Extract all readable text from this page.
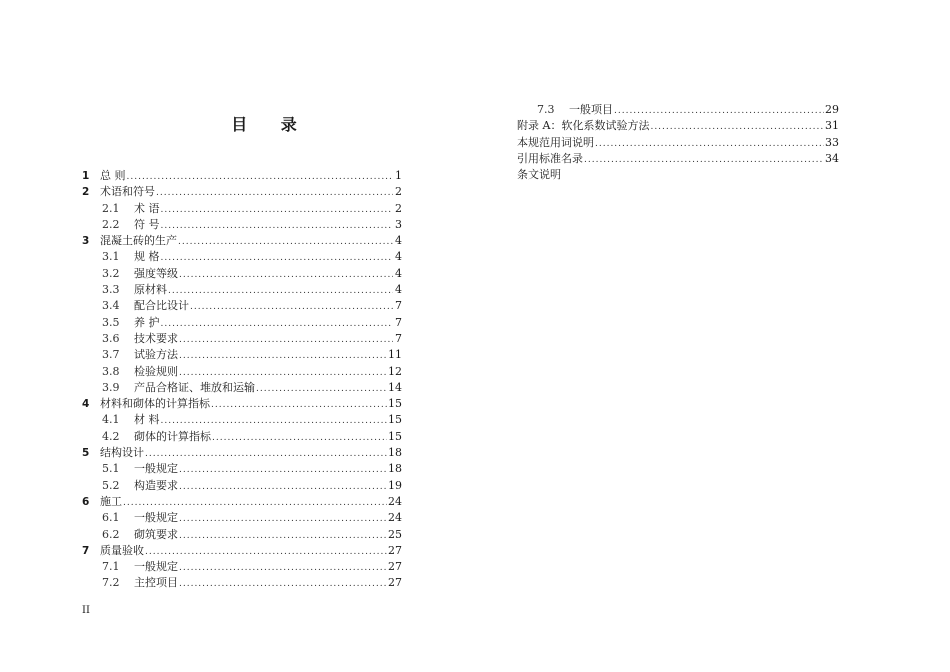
目 录
1 总 则 .....	1
2 术语和符号 .....	2
2.1	术 语 .....	2
2.2	符 号 .....	3
3 混凝土砖的生产 .....	4
3.1	规 格 .....	4
3.2	强度等级 .....	4
3.3	原材料 .....	4
3.4	配合比设计 .....	7
3.5	养 护 .....	7
3.6	技术要求 .....	7
3.7	试验方法 .....	11
3.8	检验规则 .....	12
3.9	产品合格证、堆放和运输 .....	14
4 材料和砌体的计算指标 .....	15
4.1	材 料 .....	15
4.2	砌体的计算指标 .....	15
5 结构设计 .....	18
5.1	一般规定 .....	18
5.2	构造要求 .....	19
6 施工 .....	24
6.1	一般规定 .....	24
6.2	砌筑要求 .....	25
7 质量验收 .....	27
7.1	一般规定 .....	27
7.2	主控项目 .....	27
7.3	一般项目 .....	29
附录 A：软化系数试验方法 .....	31
本规范用词说明 .....	33
引用标准名录 .....	34
条文说明

II
